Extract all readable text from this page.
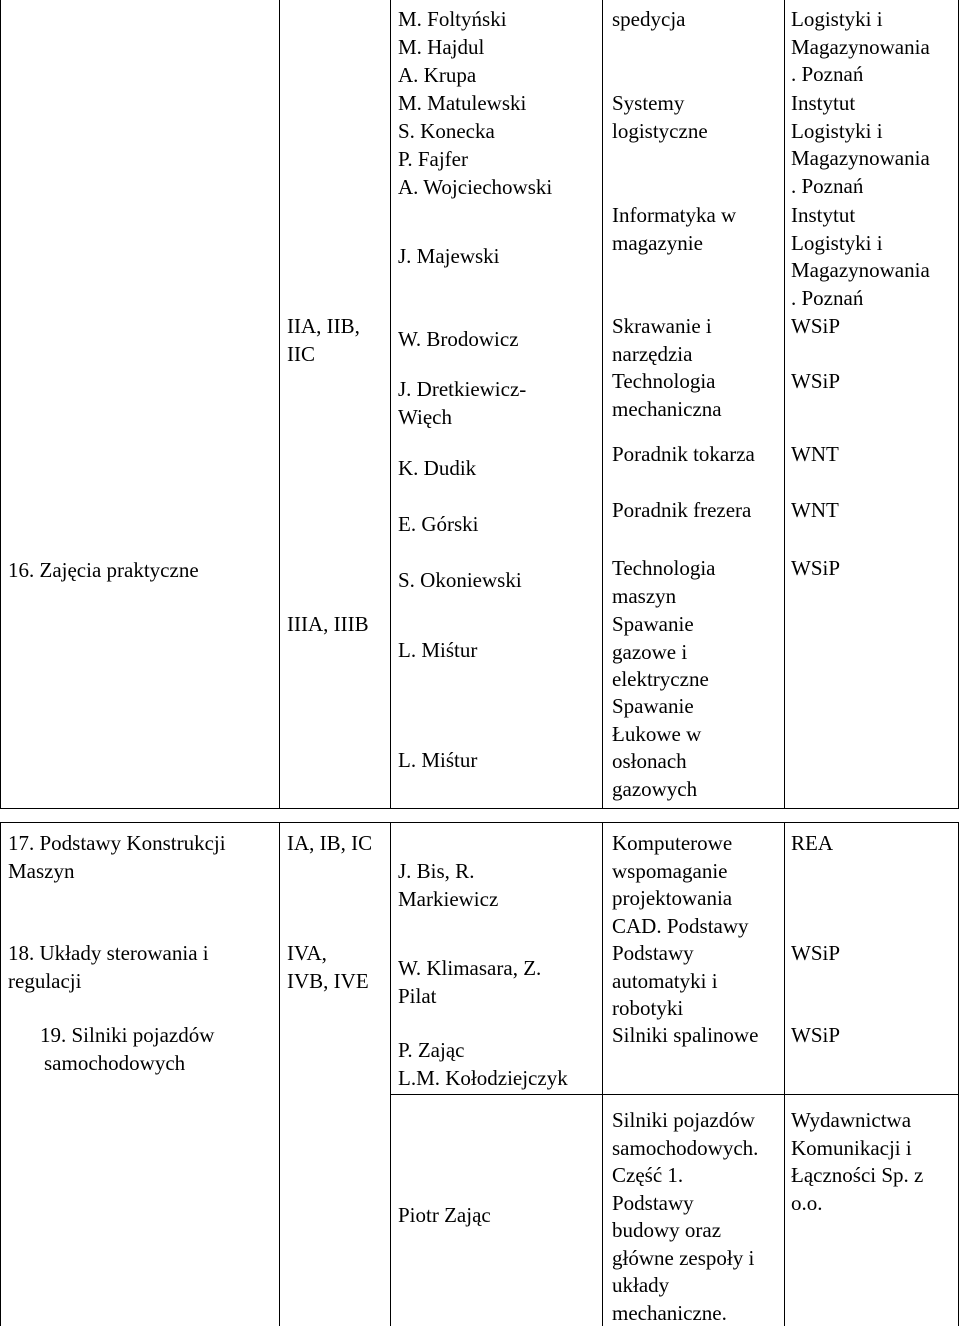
M. Foltyński
M. Hajdul
A. Krupa
M. Matulewski
S. Konecka
P. Fajfer
A. Wojciechowski
J. Majewski
spedycja
Systemy
logistyczne
Informatyka w
magazynie
Logistyki i
Magazynowania
. Poznań
Instytut
Logistyki i
Magazynowania
. Poznań
Instytut
Logistyki i
Magazynowania
. Poznań
16. Zajęcia praktyczne
IIA, IIB,
IIC
IIIA, IIIB
W. Brodowicz
J. Dretkiewicz-
Więch
K. Dudik
E. Górski
S. Okoniewski
L. Miśtur
L. Miśtur
Skrawanie i
narzędzia
Technologia
mechaniczna
Poradnik tokarza
Poradnik frezera
Technologia
maszyn
Spawanie
gazowe i
elektryczne
Spawanie
Łukowe w
osłonach
gazowych
WSiP
WSiP
WNT
WNT
WSiP
17. Podstawy Konstrukcji
Maszyn
IA, IB, IC
J. Bis, R.
Markiewicz
Komputerowe
wspomaganie
projektowania
CAD. Podstawy
REA
18. Układy sterowania i
regulacji
IVA,
IVB, IVE
W. Klimasara, Z.
Pilat
Podstawy
automatyki i
robotyki
WSiP
19. Silniki pojazdów
samochodowych
P. Zając
L.M. Kołodziejczyk
Silniki spalinowe WSiP
Piotr Zając
Silniki pojazdów
samochodowych.
Część 1.
Podstawy
budowy oraz
główne zespoły i
układy
mechaniczne.
Wydawnictwa
Komunikacji i
Łączności Sp. z
o.o.
